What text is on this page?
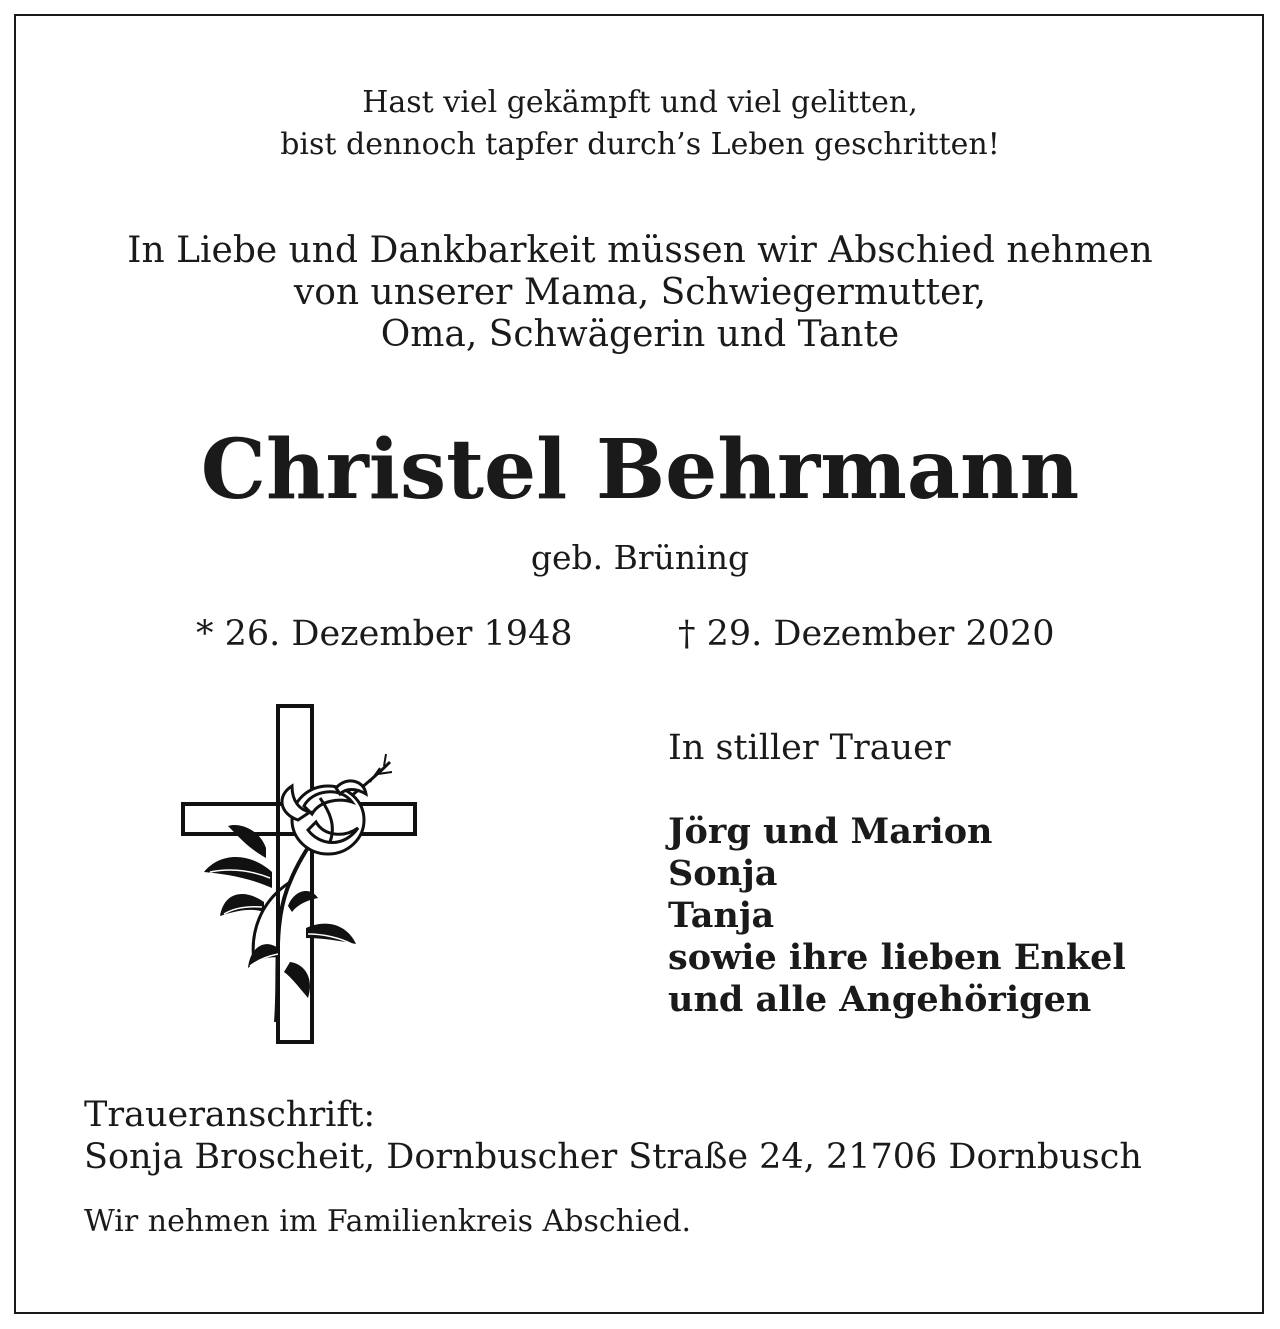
Hast viel gekämpft und viel gelitten,
bist dennoch tapfer durch’s Leben geschritten!
In Liebe und Dankbarkeit müssen wir Abschied nehmen
von unserer Mama, Schwiegermutter,
Oma, Schwägerin und Tante
Christel Behrmann
geb. Brüning
* 26. Dezember 1948	† 29. Dezember 2020
In stiller Trauer
Jörg und Marion
Sonja
Tanja
sowie ihre lieben Enkel
und alle Angehörigen
Traueranschrift:
Sonja Broscheit, Dornbuscher Straße 24, 21706 Dornbusch
Wir nehmen im Familienkreis Abschied.
